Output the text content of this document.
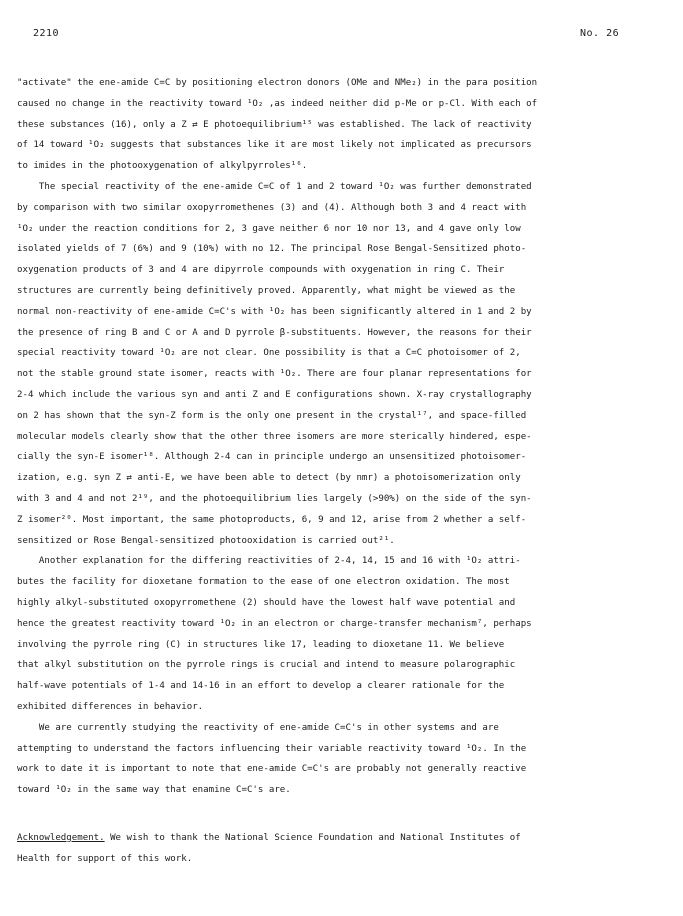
2210	No. 26
"activate" the ene-amide C=C by positioning electron donors (OMe and NMe₂) in the para position
caused no change in the reactivity toward ¹O₂ ,as indeed neither did p-Me or p-Cl. With each of
these substances (16), only a Z ⇄ E photoequilibrium¹⁵ was established. The lack of reactivity
of 14 toward ¹O₂ suggests that substances like it are most likely not implicated as precursors
to imides in the photooxygenation of alkylpyrroles¹⁶.
The special reactivity of the ene-amide C=C of 1 and 2 toward ¹O₂ was further demonstrated
by comparison with two similar oxopyrromethenes (3) and (4). Although both 3 and 4 react with
¹O₂ under the reaction conditions for 2, 3 gave neither 6 nor 10 nor 13, and 4 gave only low
isolated yields of 7 (6%) and 9 (10%) with no 12. The principal Rose Bengal-Sensitized photo-
oxygenation products of 3 and 4 are dipyrrole compounds with oxygenation in ring C. Their
structures are currently being definitively proved. Apparently, what might be viewed as the
normal non-reactivity of ene-amide C=C's with ¹O₂ has been significantly altered in 1 and 2 by
the presence of ring B and C or A and D pyrrole β-substituents. However, the reasons for their
special reactivity toward ¹O₂ are not clear. One possibility is that a C=C photoisomer of 2,
not the stable ground state isomer, reacts with ¹O₂. There are four planar representations for
2-4 which include the various syn and anti Z and E configurations shown. X-ray crystallography
on 2 has shown that the syn-Z form is the only one present in the crystal¹⁷, and space-filled
molecular models clearly show that the other three isomers are more sterically hindered, espe-
cially the syn-E isomer¹⁸. Although 2-4 can in principle undergo an unsensitized photoisomer-
ization, e.g. syn Z ⇄ anti-E, we have been able to detect (by nmr) a photoisomerization only
with 3 and 4 and not 2¹⁹, and the photoequilibrium lies largely (>90%) on the side of the syn-
Z isomer²⁰. Most important, the same photoproducts, 6, 9 and 12, arise from 2 whether a self-
sensitized or Rose Bengal-sensitized photooxidation is carried out²¹.
Another explanation for the differing reactivities of 2-4, 14, 15 and 16 with ¹O₂ attri-
butes the facility for dioxetane formation to the ease of one electron oxidation. The most
highly alkyl-substituted oxopyrromethene (2) should have the lowest half wave potential and
hence the greatest reactivity toward ¹O₂ in an electron or charge-transfer mechanism⁷, perhaps
involving the pyrrole ring (C) in structures like 17, leading to dioxetane 11. We believe
that alkyl substitution on the pyrrole rings is crucial and intend to measure polarographic
half-wave potentials of 1-4 and 14-16 in an effort to develop a clearer rationale for the
exhibited differences in behavior.
We are currently studying the reactivity of ene-amide C=C's in other systems and are
attempting to understand the factors influencing their variable reactivity toward ¹O₂. In the
work to date it is important to note that ene-amide C=C's are probably not generally reactive
toward ¹O₂ in the same way that enamine C=C's are.
Acknowledgement. We wish to thank the National Science Foundation and National Institutes of
Health for support of this work.
